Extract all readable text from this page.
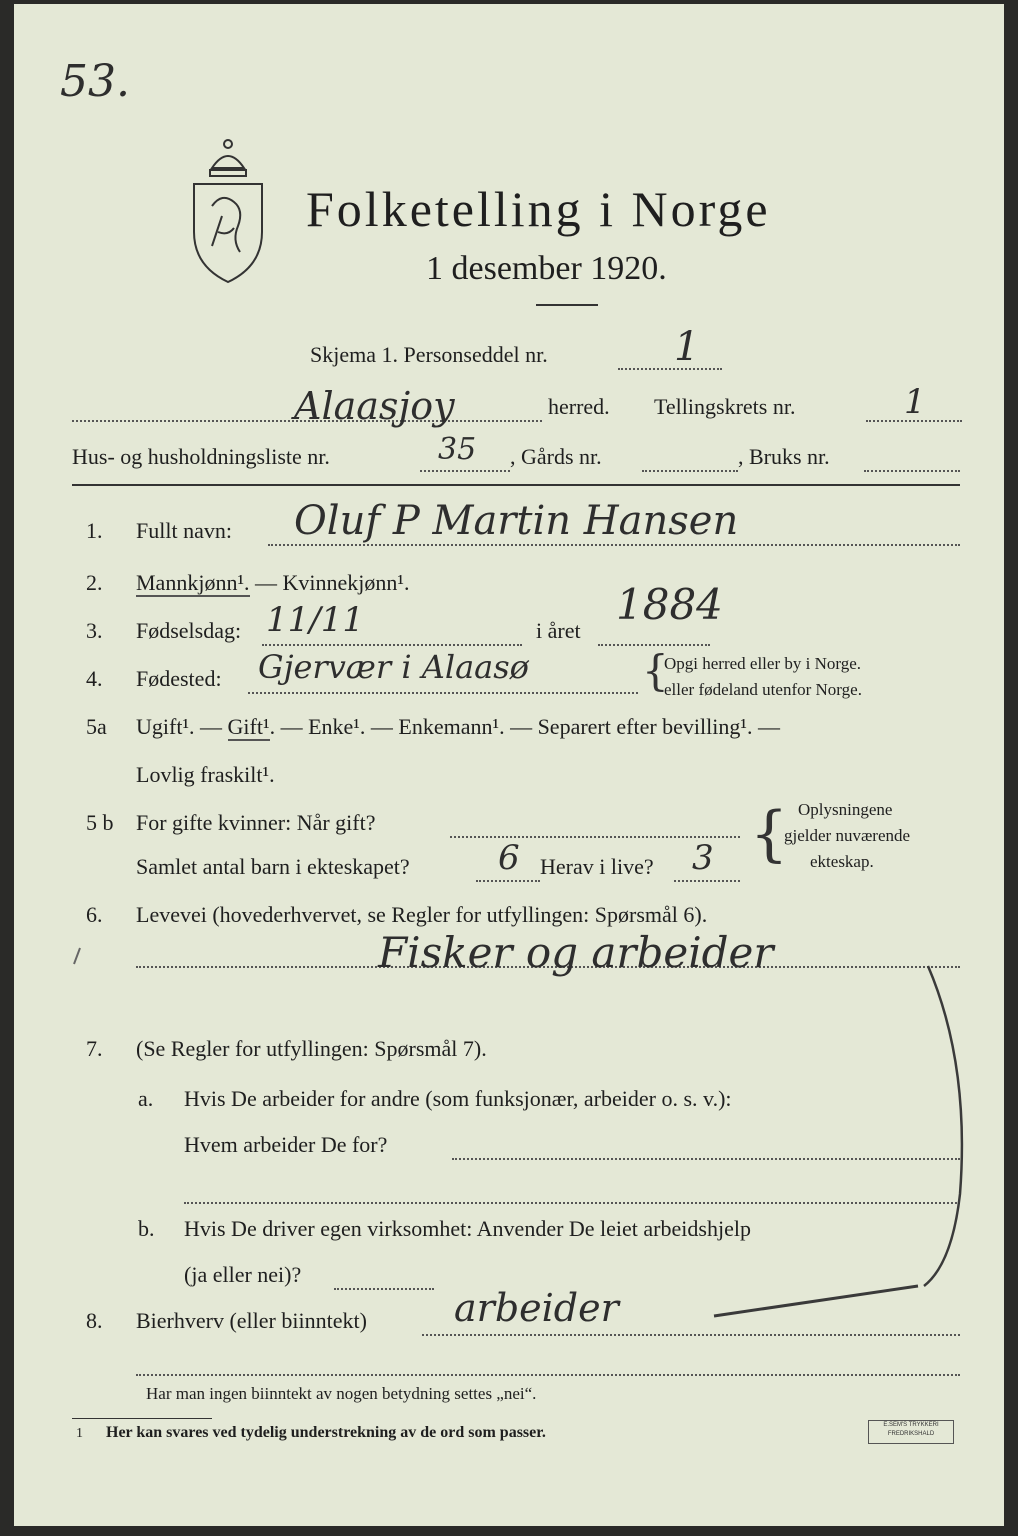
53.
Folketelling i Norge
1 desember 1920.
Skjema 1. Personseddel nr.	1
Alaasjoy	herred. Tellingskrets nr.	1
Hus- og husholdningsliste nr.	35 , Gårds nr.	, Bruks nr.
1. Fullt navn: Oluf P Martin Hansen
2. Mannkjønn¹. — Kvinnekjønn¹.
3. Fødselsdag: 11/11	i året
1884
4. Fødested: Gjervær i Alaasø	{
Opgi herred eller by i Norge.
eller fødeland utenfor Norge.
5a Ugift¹. — Gift¹. — Enke¹. — Enkemann¹. — Separert efter bevilling¹. —
Lovlig fraskilt¹.
5 b For gifte kvinner: Når gift?
Samlet antal barn i ekteskapet?	6 Herav i live? 3 { Oplysningene
gjelder nuværende
ekteskap.
6. Levevei (hovederhvervet, se Regler for utfyllingen: Spørsmål 6).
Fisker og arbeider
7. (Se Regler for utfyllingen: Spørsmål 7).
a. Hvis De arbeider for andre (som funksjonær, arbeider o. s. v.):
Hvem arbeider De for?
b. Hvis De driver egen virksomhet: Anvender De leiet arbeidshjelp
(ja eller nei)?
8. Bierhverv (eller biinntekt) arbeider
Har man ingen biinntekt av nogen betydning settes „nei“.
1 Her kan svares ved tydelig understrekning av de ord som passer.	E.SEM'S TRYKKERI
FREDRIKSHALD
